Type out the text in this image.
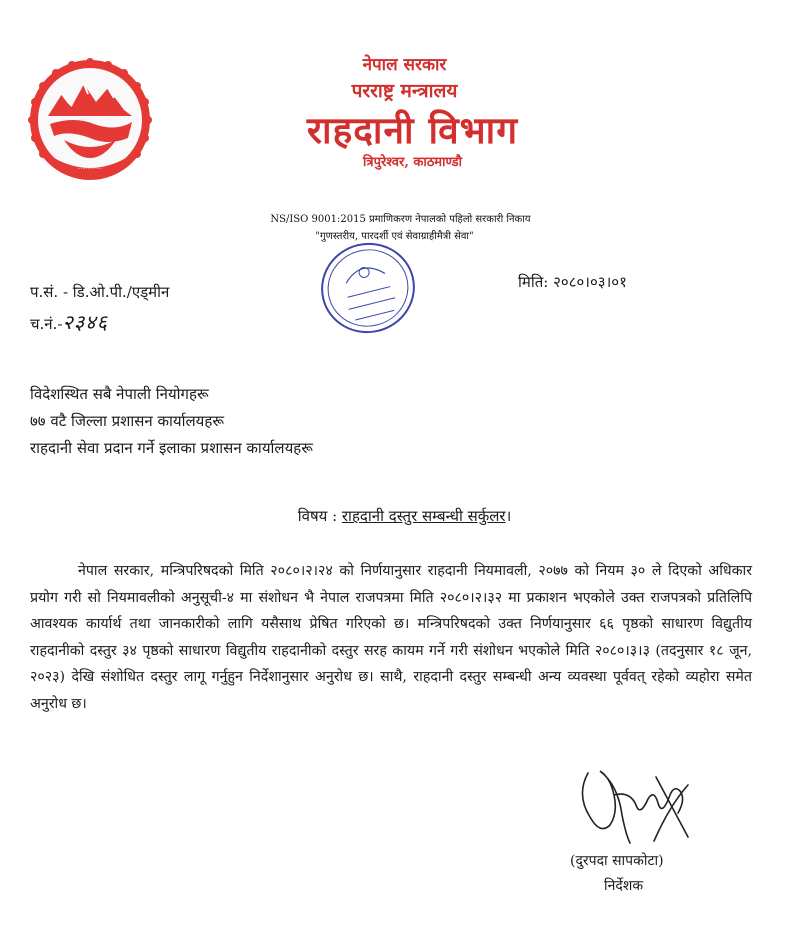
⋯⋯⋯⋯⋯
नेपाल सरकार
परराष्ट्र मन्त्रालय
राहदानी विभाग
त्रिपुरेश्वर, काठमाण्डौ
NS/ISO 9001:2015 प्रमाणिकरण नेपालको पहिलो सरकारी निकाय
"गुणस्तरीय, पारदर्शी एवं सेवाग्राहीमैत्री सेवा"
प.सं. - डि.ओ.पी./एड्मीन
च.नं.-२३४६
मिति: २०८०।०३।०१
विदेशस्थित सबै नेपाली नियोगहरू
७७ वटै जिल्ला प्रशासन कार्यालयहरू
राहदानी सेवा प्रदान गर्ने इलाका प्रशासन कार्यालयहरू
विषय : राहदानी दस्तुर सम्बन्धी सर्कुलर।
नेपाल सरकार, मन्त्रिपरिषदको मिति २०८०।२।२४ को निर्णयानुसार राहदानी नियमावली, २०७७ को नियम ३० ले दिएको अधिकार प्रयोग गरी सो नियमावलीको अनुसूची-४ मा संशोधन भै नेपाल राजपत्रमा मिति २०८०।२।३२ मा प्रकाशन भएकोले उक्त राजपत्रको प्रतिलिपि आवश्यक कार्यार्थ तथा जानकारीको लागि यसैसाथ प्रेषित गरिएको छ। मन्त्रिपरिषदको उक्त निर्णयानुसार ६६ पृष्ठको साधारण विद्युतीय राहदानीको दस्तुर ३४ पृष्ठको साधारण विद्युतीय राहदानीको दस्तुर सरह कायम गर्ने गरी संशोधन भएकोले मिति २०८०।३।३ (तदनुसार १८ जून, २०२३) देखि संशोधित दस्तुर लागू गर्नुहुन निर्देशानुसार अनुरोध छ। साथै, राहदानी दस्तुर सम्बन्धी अन्य व्यवस्था पूर्ववत् रहेको व्यहोरा समेत अनुरोध छ।
(दुरपदा सापकोटा)
निर्देशक
